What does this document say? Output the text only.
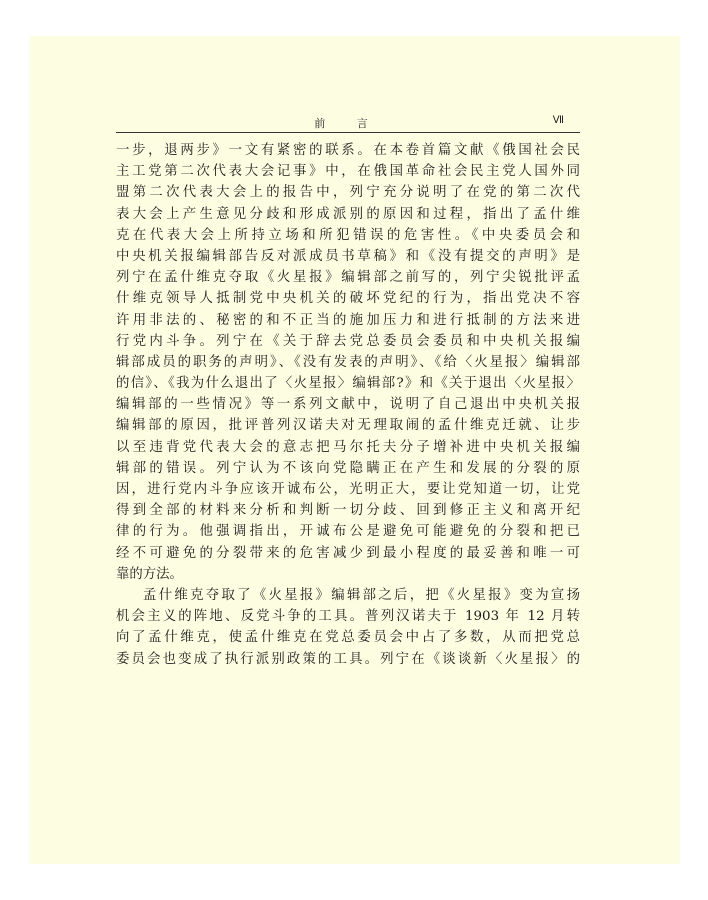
前 言	Ⅶ
一步，退两步》一文有紧密的联系。在本卷首篇文献《俄国社会民
主工党第二次代表大会记事》中，在俄国革命社会民主党人国外同
盟第二次代表大会上的报告中，列宁充分说明了在党的第二次代
表大会上产生意见分歧和形成派别的原因和过程，指出了孟什维
克在代表大会上所持立场和所犯错误的危害性。《中央委员会和
中央机关报编辑部告反对派成员书草稿》和《没有提交的声明》是
列宁在孟什维克夺取《火星报》编辑部之前写的，列宁尖锐批评孟
什维克领导人抵制党中央机关的破坏党纪的行为，指出党决不容
许用非法的、秘密的和不正当的施加压力和进行抵制的方法来进
行党内斗争。列宁在《关于辞去党总委员会委员和中央机关报编
辑部成员的职务的声明》、《没有发表的声明》、《给〈火星报〉编辑部
的信》、《我为什么退出了〈火星报〉编辑部?》和《关于退出〈火星报〉
编辑部的一些情况》等一系列文献中，说明了自己退出中央机关报
编辑部的原因，批评普列汉诺夫对无理取闹的孟什维克迁就、让步
以至违背党代表大会的意志把马尔托夫分子增补进中央机关报编
辑部的错误。列宁认为不该向党隐瞒正在产生和发展的分裂的原
因，进行党内斗争应该开诚布公，光明正大，要让党知道一切，让党
得到全部的材料来分析和判断一切分歧、回到修正主义和离开纪
律的行为。他强调指出，开诚布公是避免可能避免的分裂和把已
经不可避免的分裂带来的危害减少到最小程度的最妥善和唯一可
靠的方法。
孟什维克夺取了《火星报》编辑部之后，把《火星报》变为宣扬
机会主义的阵地、反党斗争的工具。普列汉诺夫于 1903 年 12 月转
向了孟什维克，使孟什维克在党总委员会中占了多数，从而把党总
委员会也变成了执行派别政策的工具。列宁在《谈谈新〈火星报〉的
